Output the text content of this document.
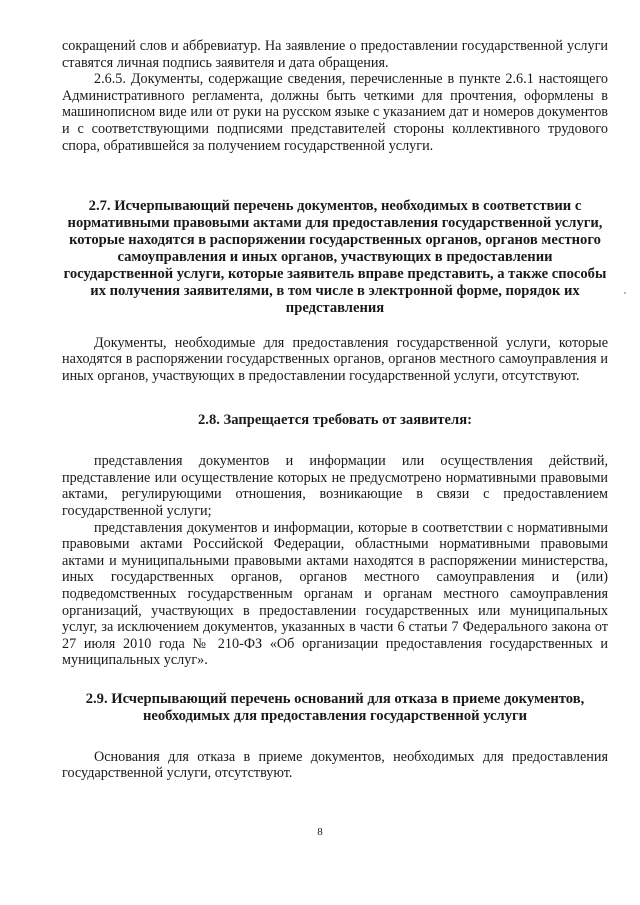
сокращений слов и аббревиатур. На заявление о предоставлении государственной услуги ставятся личная подпись заявителя и дата обращения.

2.6.5. Документы, содержащие сведения, перечисленные в пункте 2.6.1 настоящего Административного регламента, должны быть четкими для прочтения, оформлены в машинописном виде или от руки на русском языке с указанием дат и номеров документов и с соответствующими подписями представителей стороны коллективного трудового спора, обратившейся за получением государственной услуги.

2.7. Исчерпывающий перечень документов, необходимых в соответствии с нормативными правовыми актами для предоставления государственной услуги, которые находятся в распоряжении государственных органов, органов местного самоуправления и иных органов, участвующих в предоставлении государственной услуги, которые заявитель вправе представить, а также способы их получения заявителями, в том числе в электронной форме, порядок их представления

Документы, необходимые для предоставления государственной услуги, которые находятся в распоряжении государственных органов, органов местного самоуправления и иных органов, участвующих в предоставлении государственной услуги, отсутствуют.

2.8. Запрещается требовать от заявителя:

представления документов и информации или осуществления действий, представление или осуществление которых не предусмотрено нормативными правовыми актами, регулирующими отношения, возникающие в связи с предоставлением государственной услуги;

представления документов и информации, которые в соответствии с нормативными правовыми актами Российской Федерации, областными нормативными правовыми актами и муниципальными правовыми актами находятся в распоряжении министерства, иных государственных органов, органов местного самоуправления и (или) подведомственных государственным органам и органам местного самоуправления организаций, участвующих в предоставлении государственных или муниципальных услуг, за исключением документов, указанных в части 6 статьи 7 Федерального закона от 27 июля 2010 года № 210-ФЗ «Об организации предоставления государственных и муниципальных услуг».

2.9. Исчерпывающий перечень оснований для отказа в приеме документов, необходимых для предоставления государственной услуги

Основания для отказа в приеме документов, необходимых для предоставления государственной услуги, отсутствуют.

8
